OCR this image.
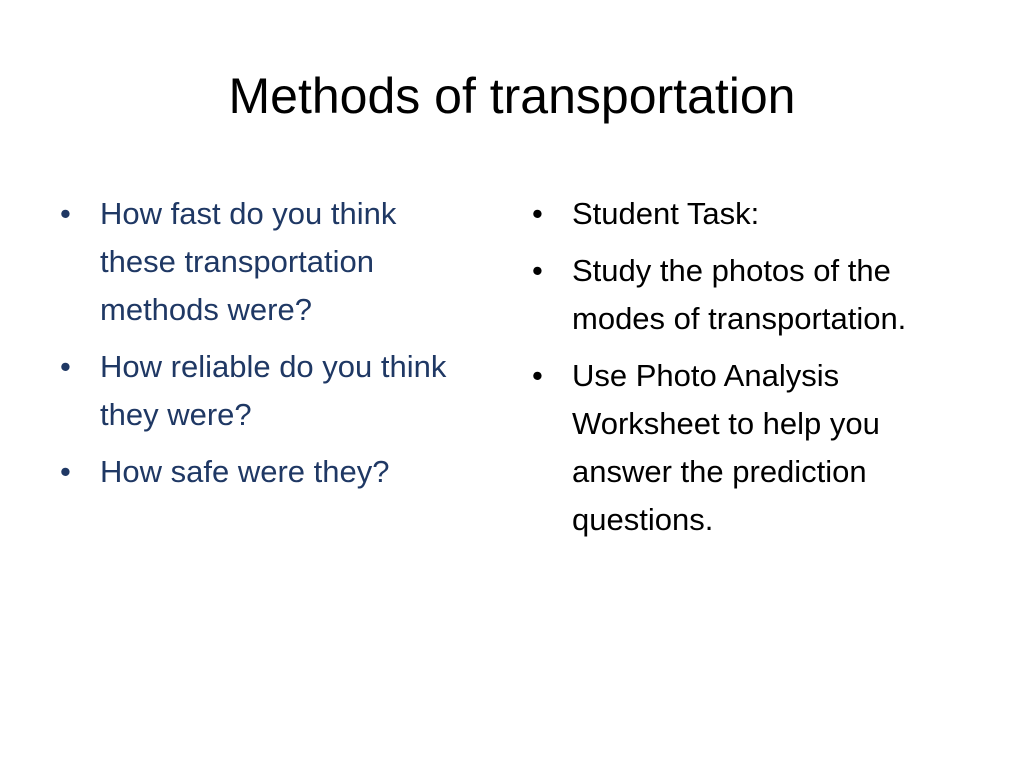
Methods of transportation
• How fast do you think these transportation methods were?
• How reliable do you think they were?
• How safe were they?
• Student Task:
• Study the photos of the modes of transportation.
• Use Photo Analysis Worksheet to help you answer the prediction questions.
